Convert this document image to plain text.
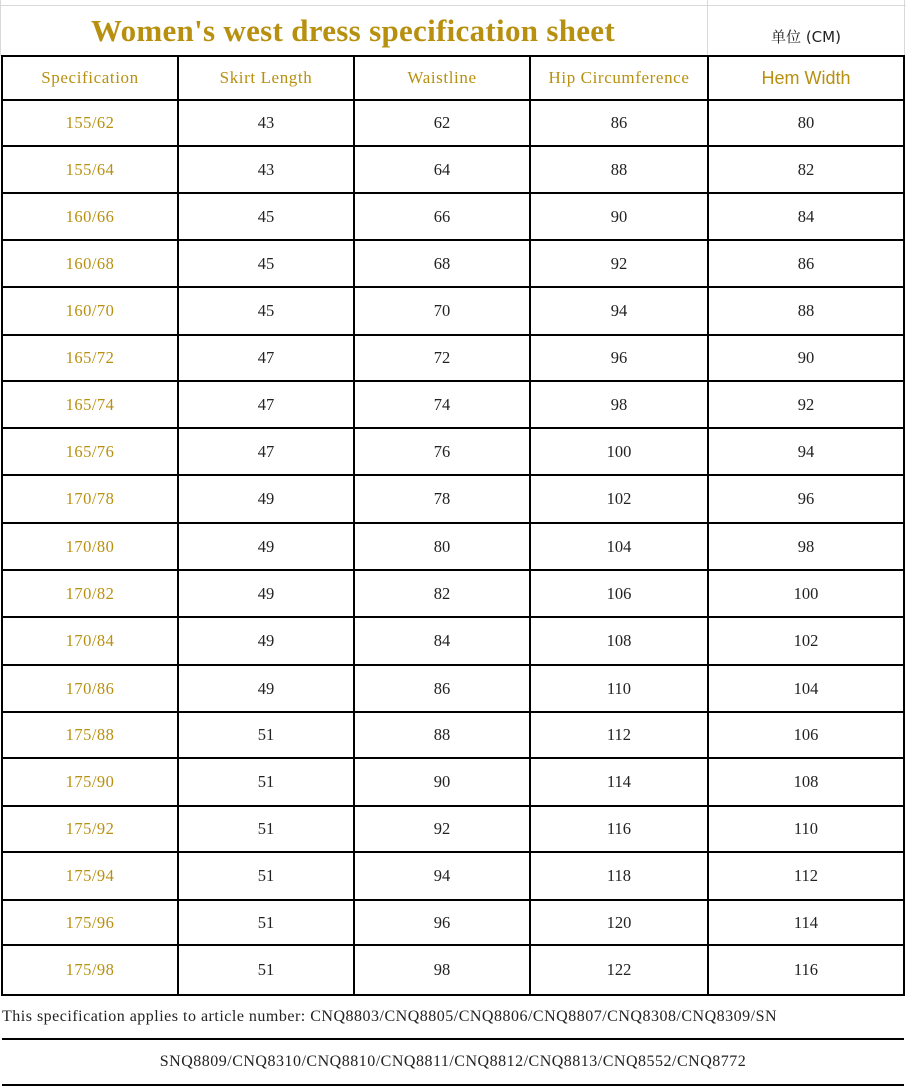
Women's west dress specification sheet	单位 (CM)
Specification	Skirt Length	Waistline	Hip Circumference	Hem Width
155/62	43	62	86	80
155/64	43	64	88	82
160/66	45	66	90	84
160/68	45	68	92	86
160/70	45	70	94	88
165/72	47	72	96	90
165/74	47	74	98	92
165/76	47	76	100	94
170/78	49	78	102	96
170/80	49	80	104	98
170/82	49	82	106	100
170/84	49	84	108	102
170/86	49	86	110	104
175/88	51	88	112	106
175/90	51	90	114	108
175/92	51	92	116	110
175/94	51	94	118	112
175/96	51	96	120	114
175/98	51	98	122	116
This specification applies to article number: CNQ8803/CNQ8805/CNQ8806/CNQ8807/CNQ8308/CNQ8309/SN				
SNQ8809/CNQ8310/CNQ8810/CNQ8811/CNQ8812/CNQ8813/CNQ8552/CNQ8772				
